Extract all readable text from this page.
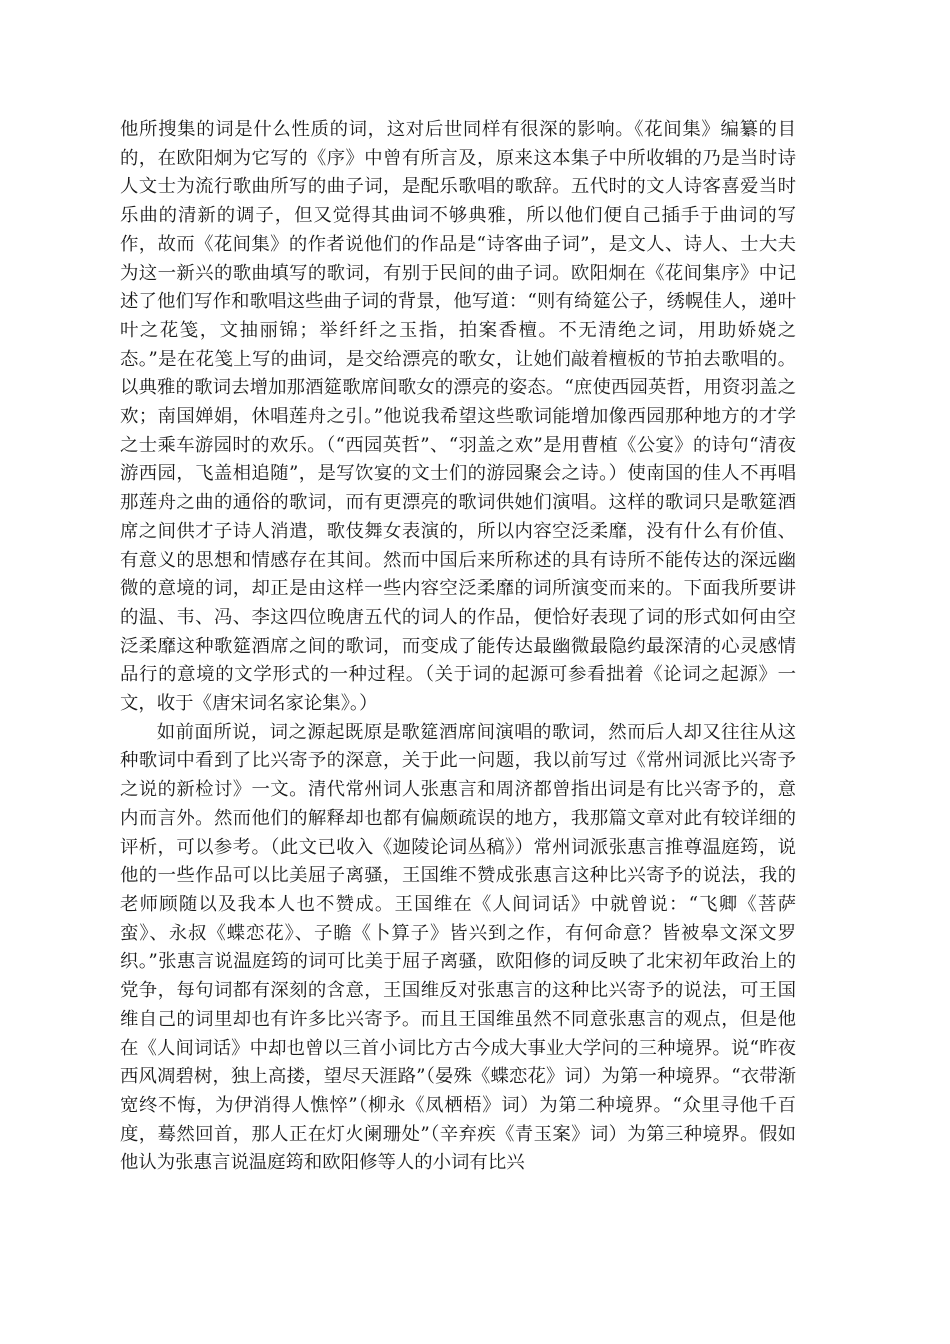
他所搜集的词是什么性质的词，这对后世同样有很深的影响。《花间集》编纂的目的，在欧阳炯为它写的《序》中曾有所言及，原来这本集子中所收辑的乃是当时诗人文士为流行歌曲所写的曲子词，是配乐歌唱的歌辞。五代时的文人诗客喜爱当时乐曲的清新的调子，但又觉得其曲词不够典雅，所以他们便自己插手于曲词的写作，故而《花间集》的作者说他们的作品是“诗客曲子词”，是文人、诗人、士大夫为这一新兴的歌曲填写的歌词，有别于民间的曲子词。欧阳炯在《花间集序》中记述了他们写作和歌唱这些曲子词的背景，他写道：“则有绮筵公子，绣幌佳人，递叶叶之花笺，文抽丽锦；举纤纤之玉指，拍案香檀。不无清绝之词，用助娇娆之态。”是在花笺上写的曲词，是交给漂亮的歌女，让她们敲着檀板的节拍去歌唱的。以典雅的歌词去增加那酒筵歌席间歌女的漂亮的姿态。“庶使西园英哲，用资羽盖之欢；南国婵娟，休唱莲舟之引。”他说我希望这些歌词能增加像西园那种地方的才学之士乘车游园时的欢乐。（“西园英哲”、“羽盖之欢”是用曹植《公宴》的诗句“清夜游西园，飞盖相追随”，是写饮宴的文士们的游园聚会之诗。）使南国的佳人不再唱那莲舟之曲的通俗的歌词，而有更漂亮的歌词供她们演唱。这样的歌词只是歌筵酒席之间供才子诗人消遣，歌伎舞女表演的，所以内容空泛柔靡，没有什么有价值、有意义的思想和情感存在其间。然而中国后来所称述的具有诗所不能传达的深远幽微的意境的词，却正是由这样一些内容空泛柔靡的词所演变而来的。下面我所要讲的温、韦、冯、李这四位晚唐五代的词人的作品，便恰好表现了词的形式如何由空泛柔靡这种歌筵酒席之间的歌词，而变成了能传达最幽微最隐约最深清的心灵感情品行的意境的文学形式的一种过程。（关于词的起源可参看拙着《论词之起源》一文，收于《唐宋词名家论集》。）

如前面所说，词之源起既原是歌筵酒席间演唱的歌词，然而后人却又往往从这种歌词中看到了比兴寄予的深意，关于此一问题，我以前写过《常州词派比兴寄予之说的新检讨》一文。清代常州词人张惠言和周济都曾指出词是有比兴寄予的，意内而言外。然而他们的解释却也都有偏颇疏误的地方，我那篇文章对此有较详细的评析，可以参考。（此文已收入《迦陵论词丛稿》）常州词派张惠言推尊温庭筠，说他的一些作品可以比美屈子离骚，王国维不赞成张惠言这种比兴寄予的说法，我的老师顾随以及我本人也不赞成。王国维在《人间词话》中就曾说：“飞卿《菩萨蛮》、永叔《蝶恋花》、子瞻《卜算子》皆兴到之作，有何命意？皆被皋文深文罗织。”张惠言说温庭筠的词可比美于屈子离骚，欧阳修的词反映了北宋初年政治上的党争，每句词都有深刻的含意，王国维反对张惠言的这种比兴寄予的说法，可王国维自己的词里却也有许多比兴寄予。而且王国维虽然不同意张惠言的观点，但是他在《人间词话》中却也曾以三首小词比方古今成大事业大学问的三种境界。说“昨夜西风凋碧树，独上高搂，望尽天涯路”（晏殊《蝶恋花》词）为第一种境界。“衣带渐宽终不悔，为伊消得人憔悴”（柳永《凤栖梧》词）为第二种境界。“众里寻他千百度，蓦然回首，那人正在灯火阑珊处”（辛弃疾《青玉案》词）为第三种境界。假如他认为张惠言说温庭筠和欧阳修等人的小词有比兴
